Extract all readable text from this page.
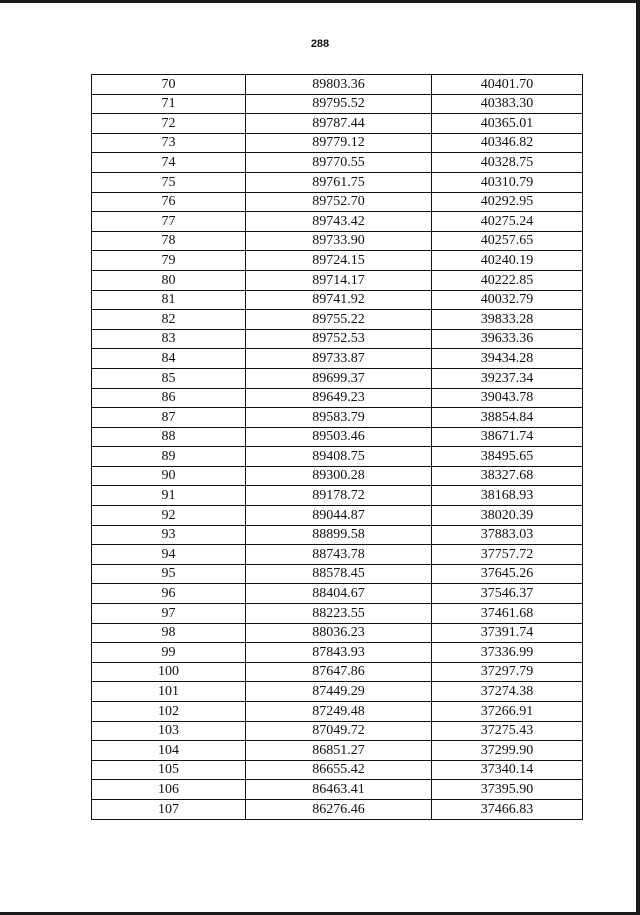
288
70	89803.36	40401.70
71	89795.52	40383.30
72	89787.44	40365.01
73	89779.12	40346.82
74	89770.55	40328.75
75	89761.75	40310.79
76	89752.70	40292.95
77	89743.42	40275.24
78	89733.90	40257.65
79	89724.15	40240.19
80	89714.17	40222.85
81	89741.92	40032.79
82	89755.22	39833.28
83	89752.53	39633.36
84	89733.87	39434.28
85	89699.37	39237.34
86	89649.23	39043.78
87	89583.79	38854.84
88	89503.46	38671.74
89	89408.75	38495.65
90	89300.28	38327.68
91	89178.72	38168.93
92	89044.87	38020.39
93	88899.58	37883.03
94	88743.78	37757.72
95	88578.45	37645.26
96	88404.67	37546.37
97	88223.55	37461.68
98	88036.23	37391.74
99	87843.93	37336.99
100	87647.86	37297.79
101	87449.29	37274.38
102	87249.48	37266.91
103	87049.72	37275.43
104	86851.27	37299.90
105	86655.42	37340.14
106	86463.41	37395.90
107	86276.46	37466.83
